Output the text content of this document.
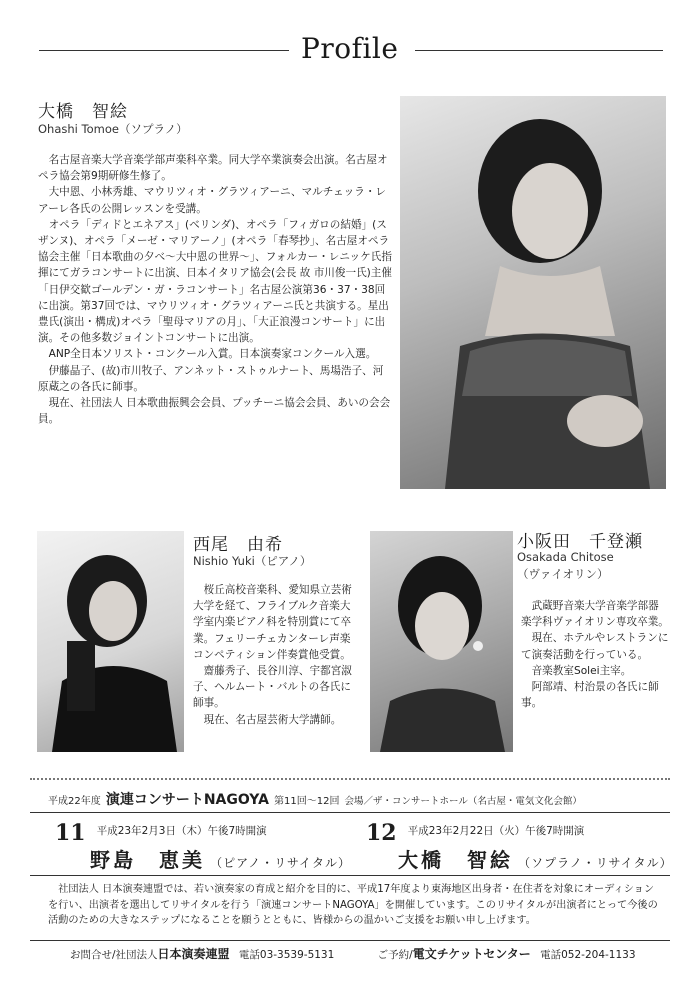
Profile
大橋　智絵
Ohashi Tomoe（ソプラノ）

名古屋音楽大学音楽学部声楽科卒業。同大学卒業演奏会出演。名古屋オペラ協会第9期研修生修了。

大中恩、小林秀雄、マウリツィオ・グラツィアーニ、マルチェッラ・レアーレ各氏の公開レッスンを受講。

オペラ「ディドとエネアス」(ベリンダ)、オペラ「フィガロの結婚」(スザンヌ)、オペラ「メーゼ・マリアーノ」(オペラ「春琴抄」、名古屋オペラ協会主催「日本歌曲の夕べ～大中恩の世界～」、フォルカー・レニッケ氏指揮にてガラコンサートに出演、日本イタリア協会(会長 故 市川俊一氏)主催「日伊交歓ゴールデン・ガ・ラコンサート」名古屋公演第36・37・38回に出演。第37回では、マウリツィオ・グラツィアーニ氏と共演する。星出豊氏(演出・構成)オペラ「聖母マリアの月」、「大正浪漫コンサート」に出演。その他多数ジョイントコンサートに出演。

ANP全日本ソリスト・コンクール入賞。日本演奏家コンクール入選。

伊藤晶子、(故)市川牧子、アンネット・ストゥルナート、馬場浩子、河原蔵之の各氏に師事。

現在、社団法人 日本歌曲振興会会員、プッチーニ協会会員、あいの会会員。

西尾　由希
Nishio Yuki（ピアノ）

桜丘高校音楽科、愛知県立芸術大学を経て、フライブルク音楽大学室内楽ピアノ科を特別賞にて卒業。フェリーチェカンターレ声楽コンペティション伴奏賞他受賞。

齋藤秀子、長谷川淳、宇都宮淑子、ヘルムート・バルトの各氏に師事。

現在、名古屋芸術大学講師。

小阪田　千登瀬
Osakada Chitose
（ヴァイオリン）

武蔵野音楽大学音楽学部器楽学科ヴァイオリン専攻卒業。

現在、ホテルやレストランにて演奏活動を行っている。

音楽教室Solei主宰。

阿部靖、村治景の各氏に師事。

平成22年度 演連コンサートNAGOYA 第11回～12回 会場／ザ・コンサートホール（名古屋・電気文化会館）
11 $^{平成23年2月3日(木)午後7時開演}$
野島　恵美 （ピアノ・リサイタル）
12 $^{平成23年2月22日(火)午後7時開演}$
大橋　智絵 （ソプラノ・リサイタル）

社団法人 日本演奏連盟では、若い演奏家の育成と紹介を目的に、平成17年度より東海地区出身者・在住者を対象にオーディションを行い、出演者を選出してリサイタルを行う「演連コンサートNAGOYA」を開催しています。このリサイタルが出演者にとって今後の活動のための大きなステップになることを願うとともに、皆様からの温かいご支援をお願い申し上げます。

お問合せ/社団法人日本演奏連盟 電話03-3539-5131	ご予約/電文チケットセンター 電話052-204-1133
